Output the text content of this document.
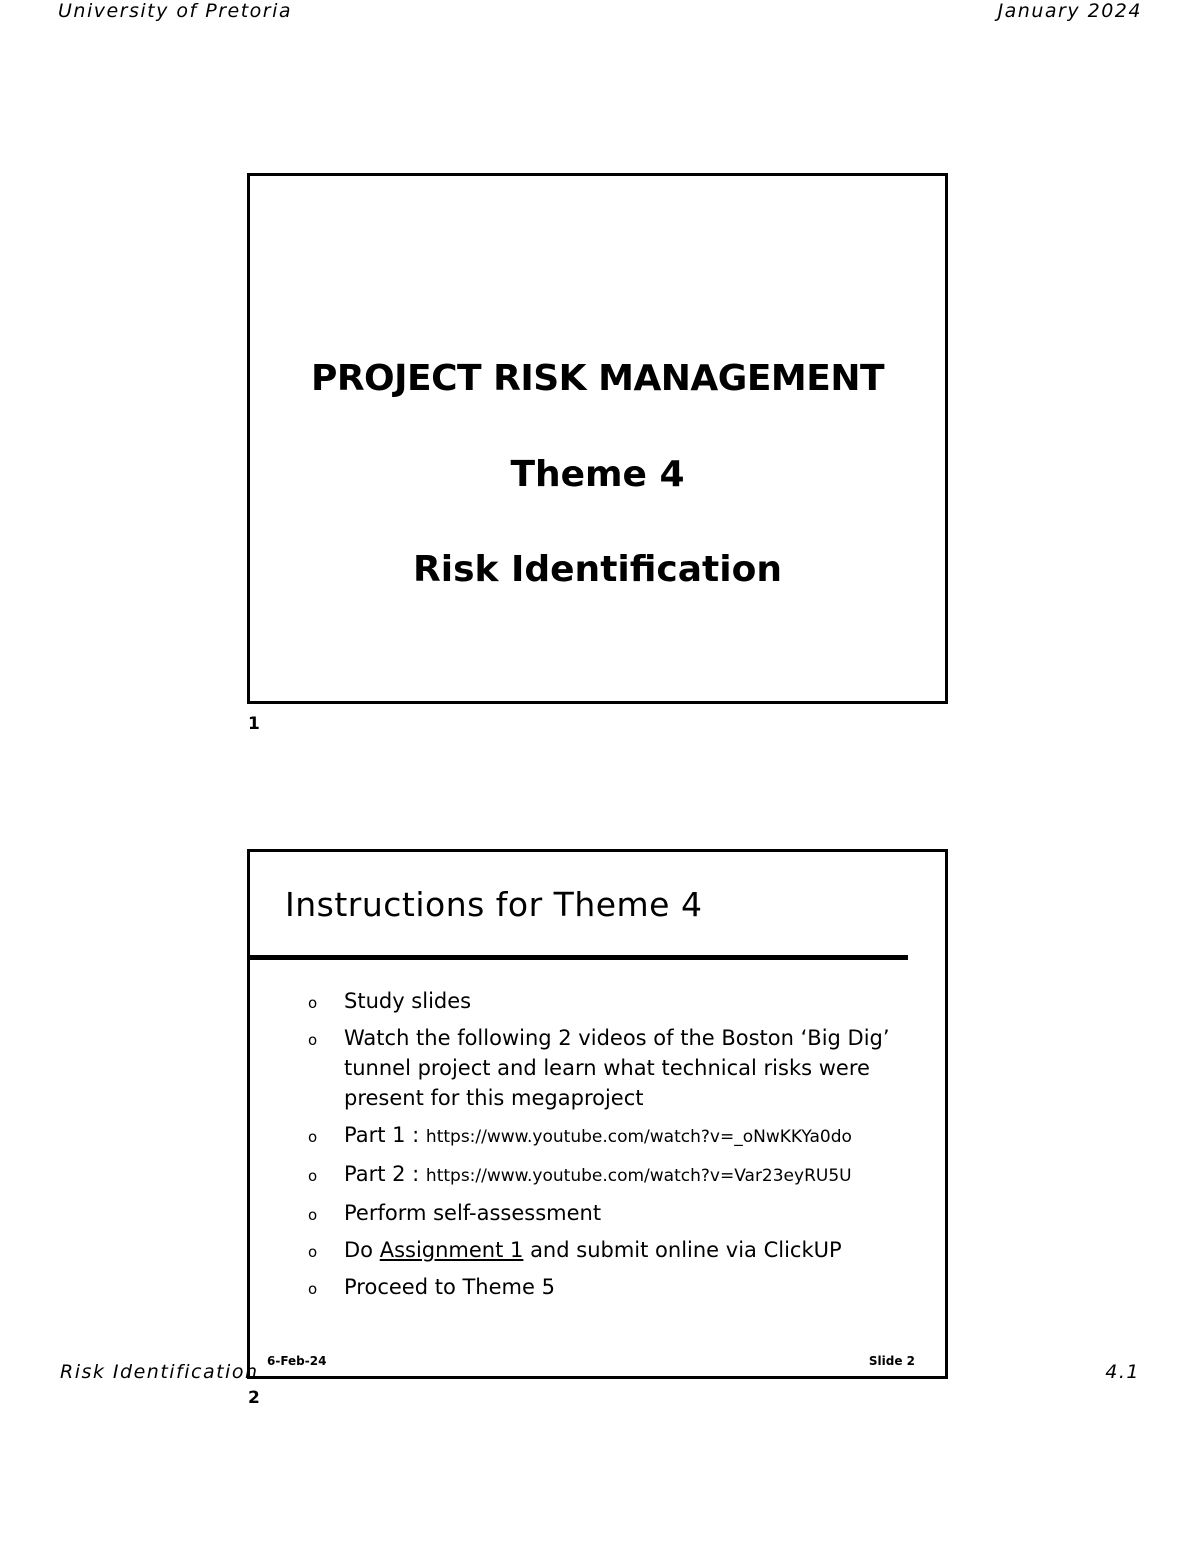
University of Pretoria	January 2024
PROJECT RISK MANAGEMENT
Theme 4
Risk Identification
1
Instructions for Theme 4
o Study slides
o Watch the following 2 videos of the Boston ‘Big Dig’ tunnel project and learn what technical risks were present for this megaproject
o Part 1 : https://www.youtube.com/watch?v=_oNwKKYa0do
o Part 2 : https://www.youtube.com/watch?v=Var23eyRU5U
o Perform self-assessment
o Do Assignment 1 and submit online via ClickUP
o Proceed to Theme 5
6-Feb-24	Slide 2
2
Risk Identification	4.1
